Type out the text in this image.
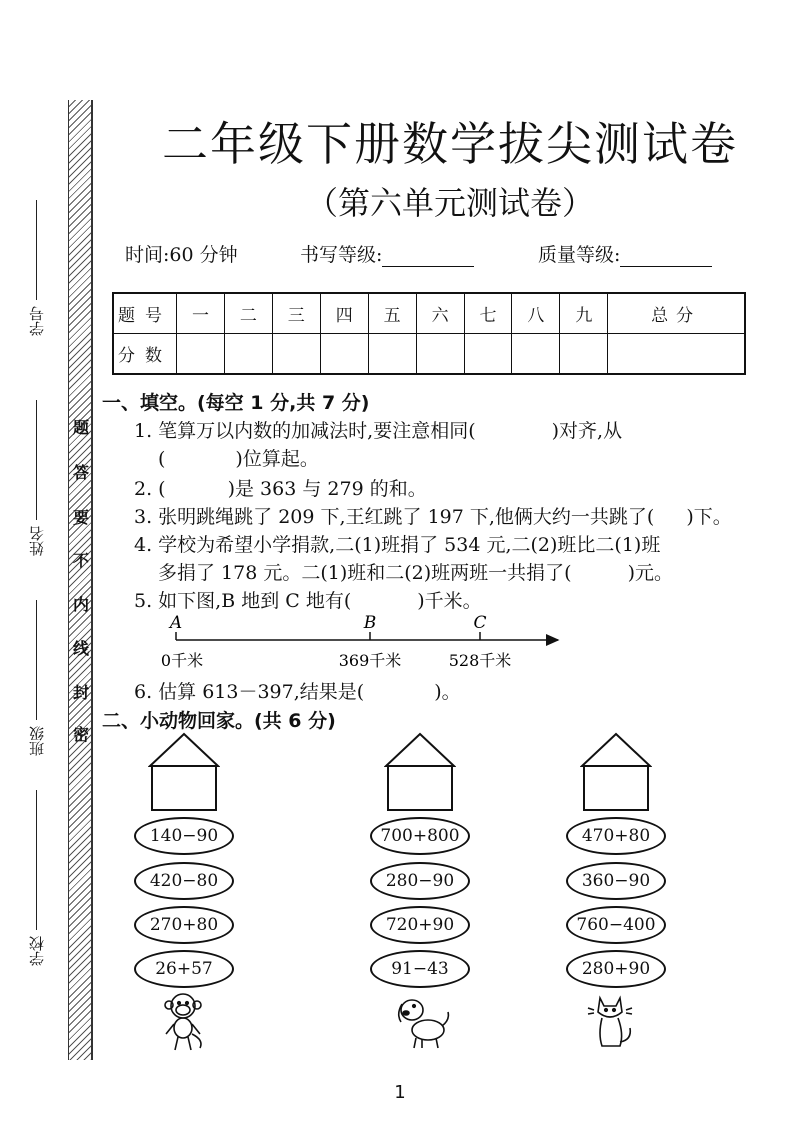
学号
姓名
班级
学校
题
答
要
不
内
线
封
密
二年级下册数学拔尖测试卷
（第六单元测试卷）
时间:60 分钟	书写等级:	质量等级:
题号	一	二	三	四	五	六	七	八	九	总分
分数										
一、填空。(每空 1 分,共 7 分)
1. 笔算万以内数的加减法时,要注意相同(	)对齐,从
(	)位算起。
2. (	)是 363 与 279 的和。
3. 张明跳绳跳了 209 下,王红跳了 197 下,他俩大约一共跳了( )下。
4. 学校为希望小学捐款,二(1)班捐了 534 元,二(2)班比二(1)班
多捐了 178 元。二(1)班和二(2)班两班一共捐了(	)元。
5. 如下图,B 地到 C 地有(	)千米。
A	B	C
0千米	369千米	528千米
6. 估算 613－397,结果是(	)。
二、小动物回家。(共 6 分)
140−90
420−80
270+80
26+57
700+800
280−90
720+90
91−43
470+80
360−90
760−400
280+90
1
